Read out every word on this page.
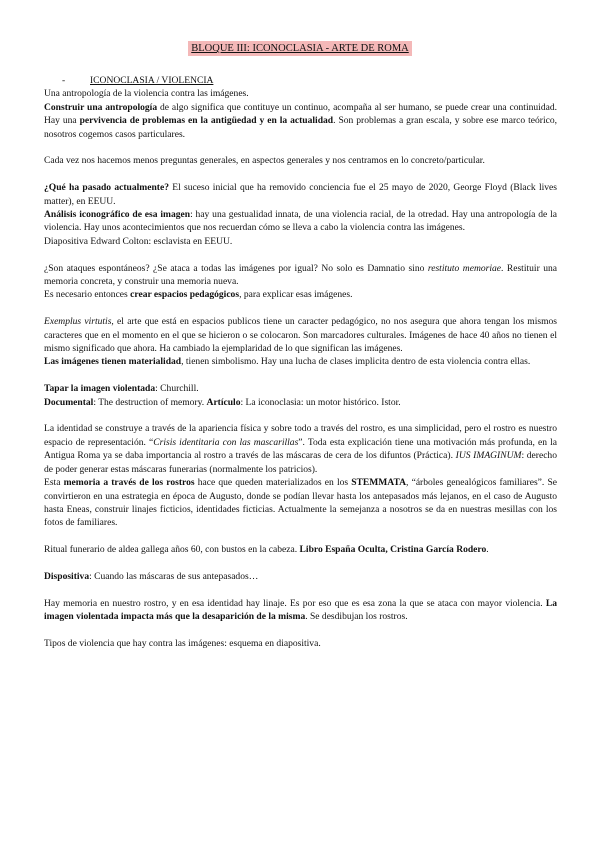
BLOQUE III: ICONOCLASIA - ARTE DE ROMA

-	ICONOCLASIA / VIOLENCIA

Una antropología de la violencia contra las imágenes.

Construir una antropología de algo significa que contituye un continuo, acompaña al ser humano, se puede crear una continuidad. Hay una pervivencia de problemas en la antigüedad y en la actualidad. Son problemas a gran escala, y sobre ese marco teórico, nosotros cogemos casos particulares.

Cada vez nos hacemos menos preguntas generales, en aspectos generales y nos centramos en lo concreto/particular.

¿Qué ha pasado actualmente? El suceso inicial que ha removido conciencia fue el 25 mayo de 2020, George Floyd (Black lives matter), en EEUU.

Análisis iconográfico de esa imagen: hay una gestualidad innata, de una violencia racial, de la otredad. Hay una antropología de la violencia. Hay unos acontecimientos que nos recuerdan cómo se lleva a cabo la violencia contra las imágenes.

Diapositiva Edward Colton: esclavista en EEUU.

¿Son ataques espontáneos? ¿Se ataca a todas las imágenes por igual? No solo es Damnatio sino restituto memoriae. Restituir una memoria concreta, y construir una memoria nueva.

Es necesario entonces crear espacios pedagógicos, para explicar esas imágenes.

Exemplus virtutis, el arte que está en espacios publicos tiene un caracter pedagógico, no nos asegura que ahora tengan los mismos caracteres que en el momento en el que se hicieron o se colocaron. Son marcadores culturales. Imágenes de hace 40 años no tienen el mismo significado que ahora. Ha cambiado la ejemplaridad de lo que significan las imágenes.

Las imágenes tienen materialidad, tienen simbolismo. Hay una lucha de clases implicita dentro de esta violencia contra ellas.

Tapar la imagen violentada: Churchill.

Documental: The destruction of memory. Artículo: La iconoclasia: un motor histórico. Istor.

La identidad se construye a través de la apariencia física y sobre todo a través del rostro, es una simplicidad, pero el rostro es nuestro espacio de representación. “Crisis identitaria con las mascarillas”. Toda esta explicación tiene una motivación más profunda, en la Antigua Roma ya se daba importancia al rostro a través de las máscaras de cera de los difuntos (Práctica). IUS IMAGINUM: derecho de poder generar estas máscaras funerarias (normalmente los patricios).

Esta memoria a través de los rostros hace que queden materializados en los STEMMATA, “árboles genealógicos familiares”. Se convirtieron en una estrategia en época de Augusto, donde se podían llevar hasta los antepasados más lejanos, en el caso de Augusto hasta Eneas, construir linajes ficticios, identidades ficticias. Actualmente la semejanza a nosotros se da en nuestras mesillas con los fotos de familiares.

Ritual funerario de aldea gallega años 60, con bustos en la cabeza. Libro España Oculta, Cristina García Rodero.

Dispositiva: Cuando las máscaras de sus antepasados…

Hay memoria en nuestro rostro, y en esa identidad hay linaje. Es por eso que es esa zona la que se ataca con mayor violencia. La imagen violentada impacta más que la desaparición de la misma. Se desdibujan los rostros.

Tipos de violencia que hay contra las imágenes: esquema en diapositiva.
